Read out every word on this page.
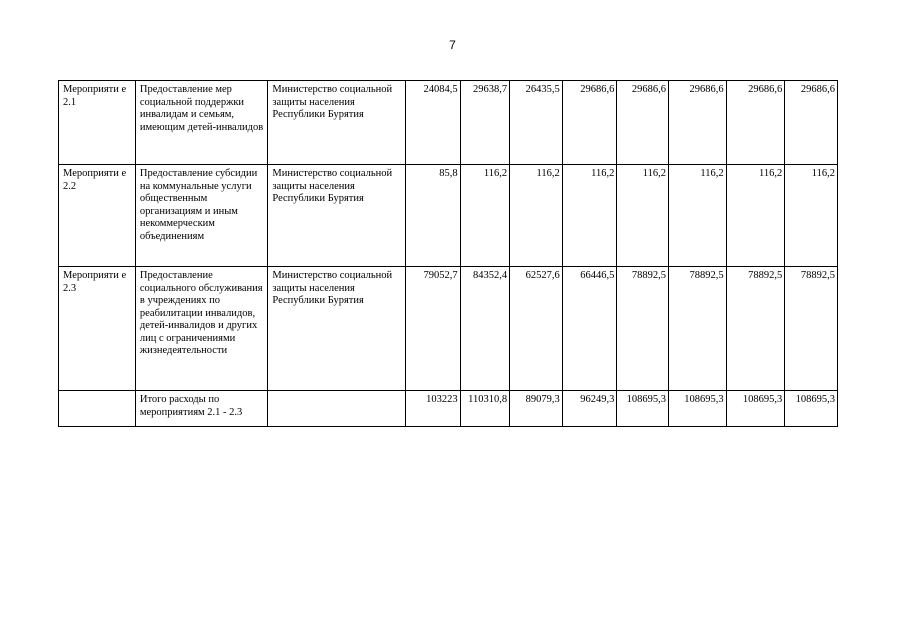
7
Мероприяти е 2.1	Предоставление мер социальной поддержки инвалидам и семьям, имеющим детей-инвалидов	Министерство социальной защиты населения Республики Бурятия	24084,5	29638,7	26435,5	29686,6	29686,6	29686,6	29686,6	29686,6
Мероприяти е 2.2	Предоставление субсидии на коммунальные услуги общественным организациям и иным некоммерческим объединениям	Министерство социальной защиты населения Республики Бурятия	85,8	116,2	116,2	116,2	116,2	116,2	116,2	116,2
Мероприяти е 2.3	Предоставление социального обслуживания в учреждениях по реабилитации инвалидов, детей-инвалидов и других лиц с ограничениями жизнедеятельности	Министерство социальной защиты населения Республики Бурятия	79052,7	84352,4	62527,6	66446,5	78892,5	78892,5	78892,5	78892,5
	Итого расходы по мероприятиям 2.1 - 2.3		103223	110310,8	89079,3	96249,3	108695,3	108695,3	108695,3	108695,3
